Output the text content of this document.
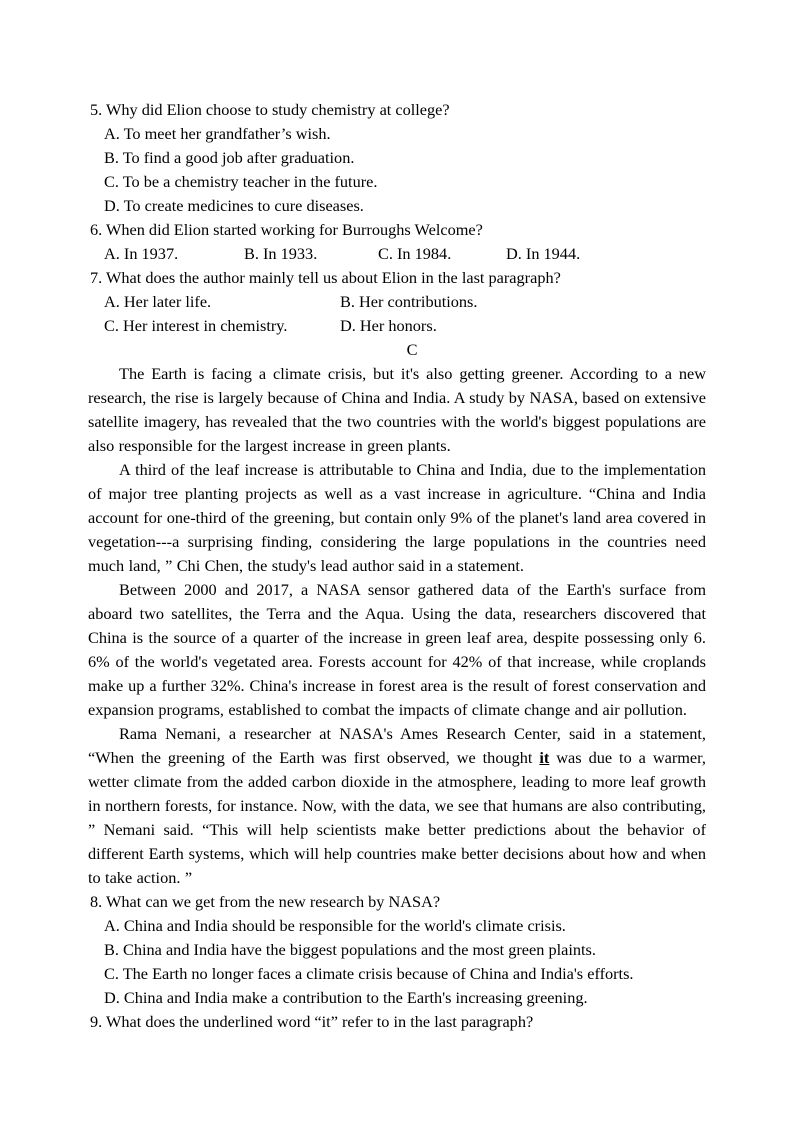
5. Why did Elion choose to study chemistry at college?
A. To meet her grandfather’s wish.
B. To find a good job after graduation.
C. To be a chemistry teacher in the future.
D. To create medicines to cure diseases.
6. When did Elion started working for Burroughs Welcome?
A. In 1937.	B. In 1933.	C. In 1984.	D. In 1944.
7. What does the author mainly tell us about Elion in the last paragraph?
A. Her later life.	B. Her contributions.
C. Her interest in chemistry.	D. Her honors.
C

The Earth is facing a climate crisis, but it's also getting greener. According to a new research, the rise is largely because of China and India. A study by NASA, based on extensive satellite imagery, has revealed that the two countries with the world's biggest populations are also responsible for the largest increase in green plants.

A third of the leaf increase is attributable to China and India, due to the implementation of major tree planting projects as well as a vast increase in agriculture. “China and India account for one-third of the greening, but contain only 9% of the planet's land area covered in vegetation---a surprising finding, considering the large populations in the countries need much land, ” Chi Chen, the study's lead author said in a statement.

Between 2000 and 2017, a NASA sensor gathered data of the Earth's surface from aboard two satellites, the Terra and the Aqua. Using the data, researchers discovered that China is the source of a quarter of the increase in green leaf area, despite possessing only 6. 6% of the world's vegetated area. Forests account for 42% of that increase, while croplands make up a further 32%. China's increase in forest area is the result of forest conservation and expansion programs, established to combat the impacts of climate change and air pollution.

Rama Nemani, a researcher at NASA's Ames Research Center, said in a statement, “When the greening of the Earth was first observed, we thought it was due to a warmer, wetter climate from the added carbon dioxide in the atmosphere, leading to more leaf growth in northern forests, for instance. Now, with the data, we see that humans are also contributing, ” Nemani said. “This will help scientists make better predictions about the behavior of different Earth systems, which will help countries make better decisions about how and when to take action. ”

8. What can we get from the new research by NASA?
A. China and India should be responsible for the world's climate crisis.
B. China and India have the biggest populations and the most green plaints.
C. The Earth no longer faces a climate crisis because of China and India's efforts.
D. China and India make a contribution to the Earth's increasing greening.
9. What does the underlined word “it” refer to in the last paragraph?
